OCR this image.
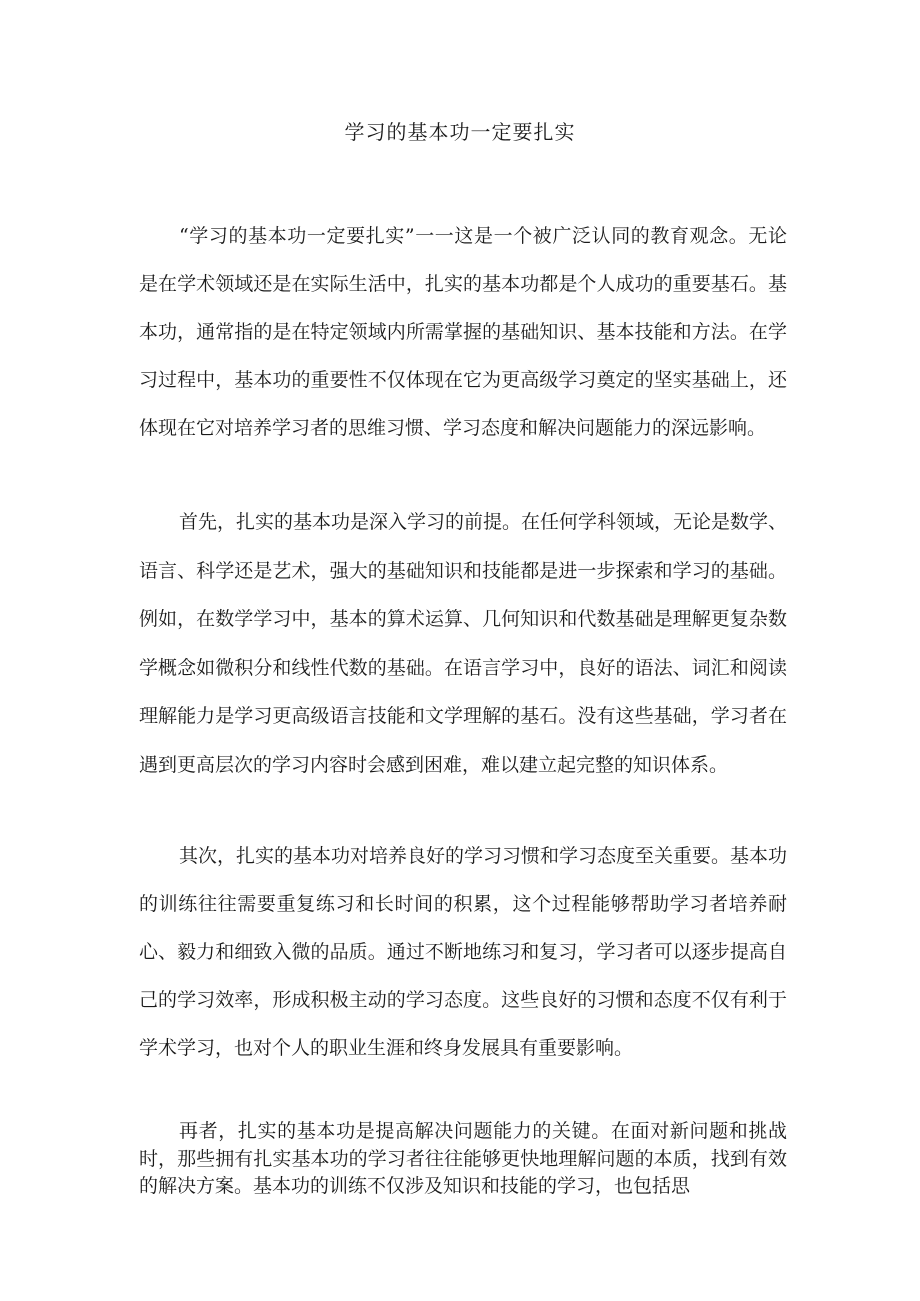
学习的基本功一定要扎实

“学习的基本功一定要扎实”一一这是一个被广泛认同的教育观念。无论是在学术领域还是在实际生活中，扎实的基本功都是个人成功的重要基石。基本功，通常指的是在特定领域内所需掌握的基础知识、基本技能和方法。在学习过程中，基本功的重要性不仅体现在它为更高级学习奠定的坚实基础上，还体现在它对培养学习者的思维习惯、学习态度和解决问题能力的深远影响。

首先，扎实的基本功是深入学习的前提。在任何学科领域，无论是数学、语言、科学还是艺术，强大的基础知识和技能都是进一步探索和学习的基础。例如，在数学学习中，基本的算术运算、几何知识和代数基础是理解更复杂数学概念如微积分和线性代数的基础。在语言学习中，良好的语法、词汇和阅读理解能力是学习更高级语言技能和文学理解的基石。没有这些基础，学习者在遇到更高层次的学习内容时会感到困难，难以建立起完整的知识体系。

其次，扎实的基本功对培养良好的学习习惯和学习态度至关重要。基本功的训练往往需要重复练习和长时间的积累，这个过程能够帮助学习者培养耐心、毅力和细致入微的品质。通过不断地练习和复习，学习者可以逐步提高自己的学习效率，形成积极主动的学习态度。这些良好的习惯和态度不仅有利于学术学习，也对个人的职业生涯和终身发展具有重要影响。

再者，扎实的基本功是提高解决问题能力的关键。在面对新问题和挑战时，那些拥有扎实基本功的学习者往往能够更快地理解问题的本质，找到有效的解决方案。基本功的训练不仅涉及知识和技能的学习，也包括思
